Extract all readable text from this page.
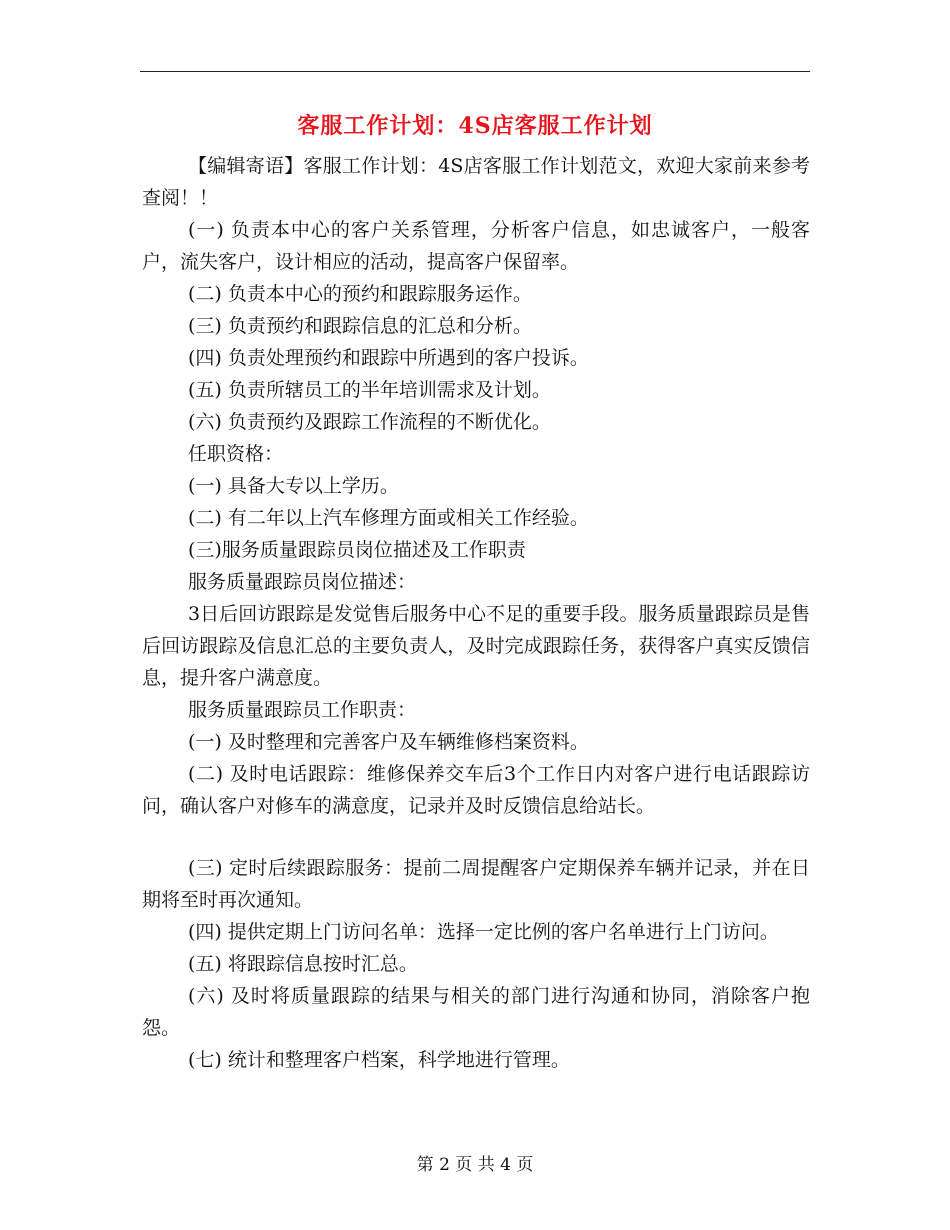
客服工作计划：4S店客服工作计划

【编辑寄语】客服工作计划：4S店客服工作计划范文，欢迎大家前来参考查阅！！

(一) 负责本中心的客户关系管理，分析客户信息，如忠诚客户，一般客户，流失客户，设计相应的活动，提高客户保留率。

(二) 负责本中心的预约和跟踪服务运作。

(三) 负责预约和跟踪信息的汇总和分析。

(四) 负责处理预约和跟踪中所遇到的客户投诉。

(五) 负责所辖员工的半年培训需求及计划。

(六) 负责预约及跟踪工作流程的不断优化。

任职资格：

(一) 具备大专以上学历。

(二) 有二年以上汽车修理方面或相关工作经验。

(三)服务质量跟踪员岗位描述及工作职责

服务质量跟踪员岗位描述：

3日后回访跟踪是发觉售后服务中心不足的重要手段。服务质量跟踪员是售后回访跟踪及信息汇总的主要负责人，及时完成跟踪任务，获得客户真实反馈信息，提升客户满意度。

服务质量跟踪员工作职责：

(一) 及时整理和完善客户及车辆维修档案资料。

(二) 及时电话跟踪：维修保养交车后3个工作日内对客户进行电话跟踪访问，确认客户对修车的满意度，记录并及时反馈信息给站长。

(三) 定时后续跟踪服务：提前二周提醒客户定期保养车辆并记录，并在日期将至时再次通知。

(四) 提供定期上门访问名单：选择一定比例的客户名单进行上门访问。

(五) 将跟踪信息按时汇总。

(六) 及时将质量跟踪的结果与相关的部门进行沟通和协同，消除客户抱怨。

(七) 统计和整理客户档案，科学地进行管理。

第 2 页 共 4 页
